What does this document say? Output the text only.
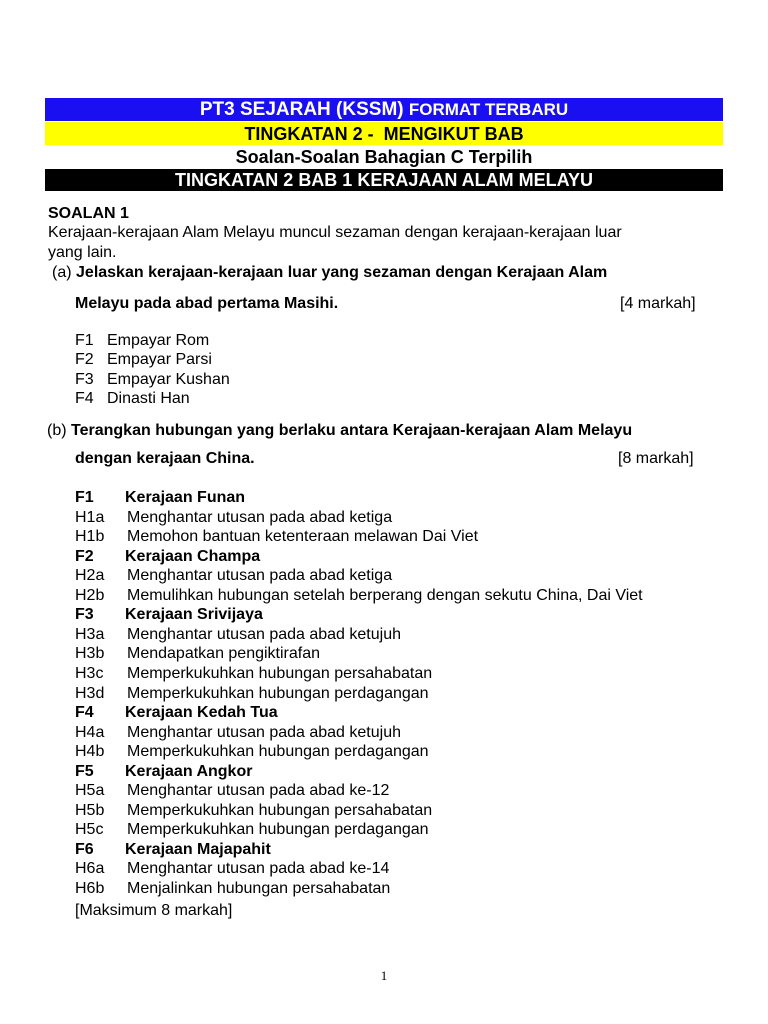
PT3 SEJARAH (KSSM)
FORMAT TERBARU
TINGKATAN 2 -  MENGIKUT BAB
Soalan-Soalan Bahagian C Terpilih
TINGKATAN 2 BAB 1 KERAJAAN ALAM MELAYU
SOALAN 1
Kerajaan-kerajaan Alam Melayu muncul sezaman dengan kerajaan-kerajaan luar
yang lain.
(a) Jelaskan kerajaan-kerajaan luar yang sezaman dengan Kerajaan Alam
Melayu pada abad pertama Masihi.	[4 markah]
F1 Empayar Rom
F2 Empayar Parsi
F3 Empayar Kushan
F4 Dinasti Han
(b) Terangkan hubungan yang berlaku antara Kerajaan-kerajaan Alam Melayu
dengan kerajaan China.	[8 markah]
F1 Kerajaan Funan
H1a Menghantar utusan pada abad ketiga
H1b Memohon bantuan ketenteraan melawan Dai Viet
F2 Kerajaan Champa
H2a Menghantar utusan pada abad ketiga
H2b Memulihkan hubungan setelah berperang dengan sekutu China, Dai Viet
F3 Kerajaan Srivijaya
H3a Menghantar utusan pada abad ketujuh
H3b Mendapatkan pengiktirafan
H3c Memperkukuhkan hubungan persahabatan
H3d Memperkukuhkan hubungan perdagangan
F4 Kerajaan Kedah Tua
H4a Menghantar utusan pada abad ketujuh
H4b Memperkukuhkan hubungan perdagangan
F5 Kerajaan Angkor
H5a Menghantar utusan pada abad ke-12
H5b Memperkukuhkan hubungan persahabatan
H5c Memperkukuhkan hubungan perdagangan
F6 Kerajaan Majapahit
H6a Menghantar utusan pada abad ke-14
H6b Menjalinkan hubungan persahabatan
[Maksimum 8 markah]
1
